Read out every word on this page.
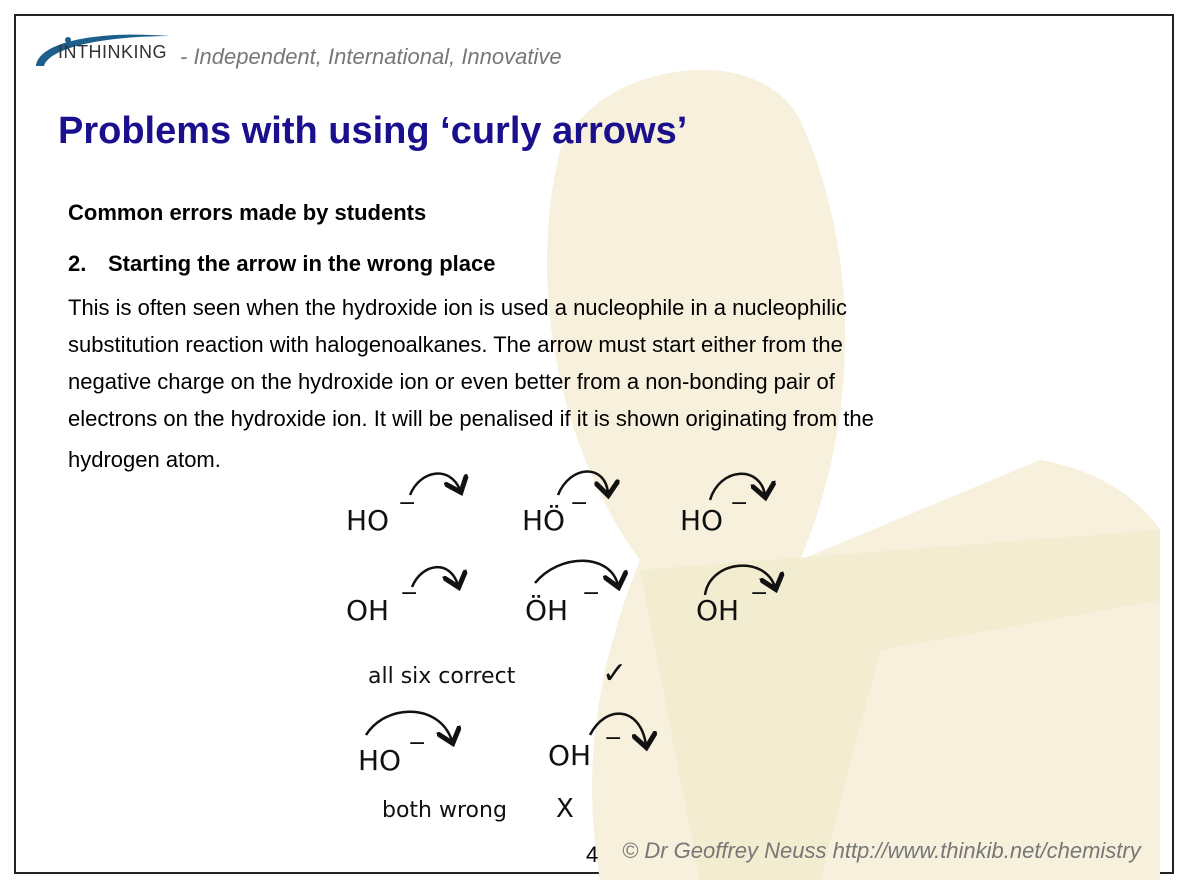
INTHINKING - Independent, International, Innovative
Problems with using ‘curly arrows’
Common errors made by students
2. Starting the arrow in the wrong place
This is often seen when the hydroxide ion is used a nucleophile in a nucleophilic
substitution reaction with halogenoalkanes. The arrow must start either from the
negative charge on the hydroxide ion or even better from a non-bonding pair of
electrons on the hydroxide ion. It will be penalised if it is shown originating from the
hydrogen atom.
HO
−
HÖ
−
HO
−
OH
−
ÖH
−
OH
−
all six correct	✓
HO
−	OH
−
both wrong X
4 © Dr Geoffrey Neuss http://www.thinkib.net/chemistry
